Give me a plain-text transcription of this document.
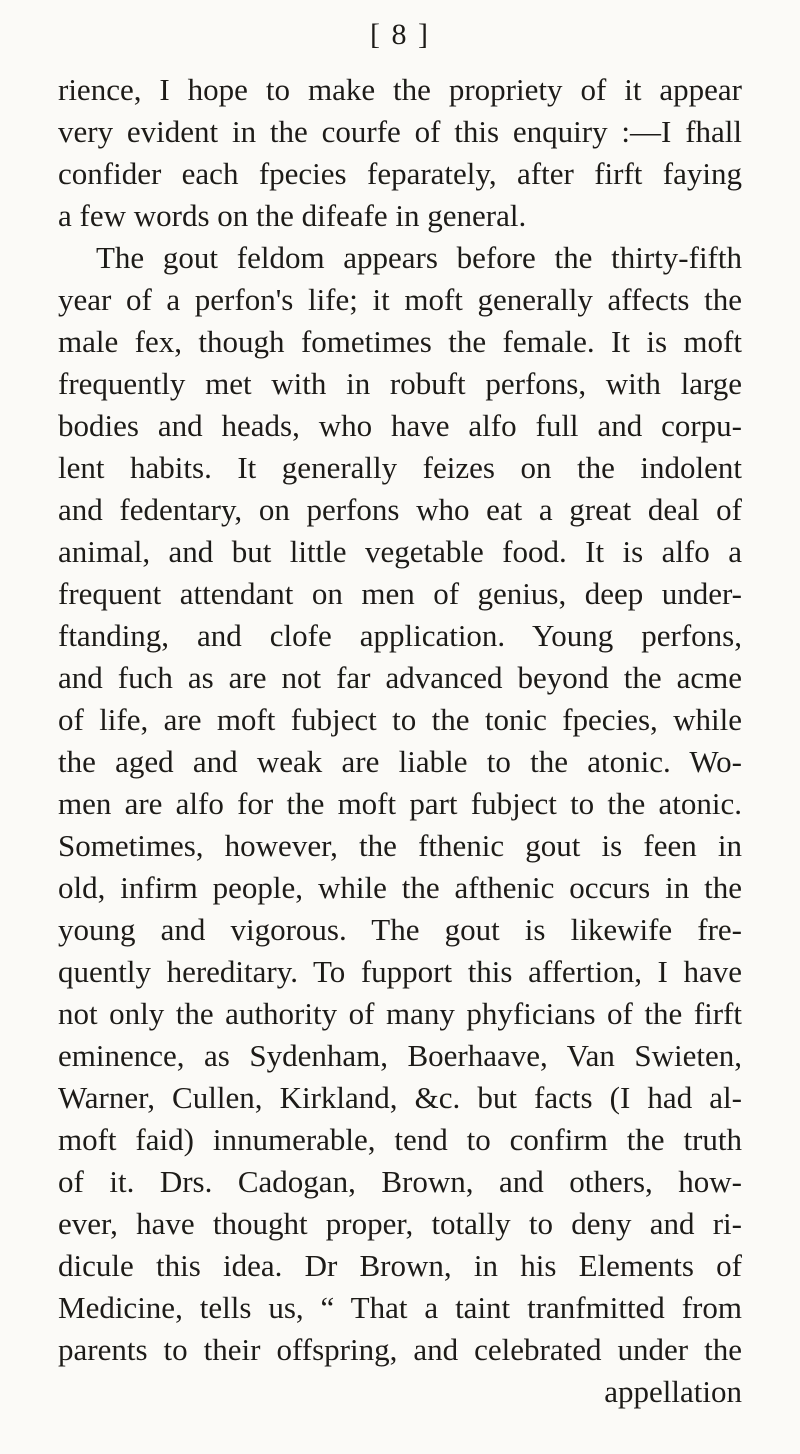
[ 8 ]
rience, I hope to make the propriety of it appear
very evident in the courfe of this enquiry :—I fhall
confider each fpecies feparately, after firft faying
a few words on the difeafe in general.
The gout feldom appears before the thirty-fifth
year of a perfon's life; it moft generally affects the
male fex, though fometimes the female. It is moft
frequently met with in robuft perfons, with large
bodies and heads, who have alfo full and corpu-
lent habits. It generally feizes on the indolent
and fedentary, on perfons who eat a great deal of
animal, and but little vegetable food. It is alfo a
frequent attendant on men of genius, deep under-
ftanding, and clofe application. Young perfons,
and fuch as are not far advanced beyond the acme
of life, are moft fubject to the tonic fpecies, while
the aged and weak are liable to the atonic. Wo-
men are alfo for the moft part fubject to the atonic.
Sometimes, however, the fthenic gout is feen in
old, infirm people, while the afthenic occurs in the
young and vigorous. The gout is likewife fre-
quently hereditary. To fupport this affertion, I have
not only the authority of many phyficians of the firft
eminence, as Sydenham, Boerhaave, Van Swieten,
Warner, Cullen, Kirkland, &c. but facts (I had al-
moft faid) innumerable, tend to confirm the truth
of it. Drs. Cadogan, Brown, and others, how-
ever, have thought proper, totally to deny and ri-
dicule this idea. Dr Brown, in his Elements of
Medicine, tells us, “ That a taint tranfmitted from
parents to their offspring, and celebrated under the
appellation
